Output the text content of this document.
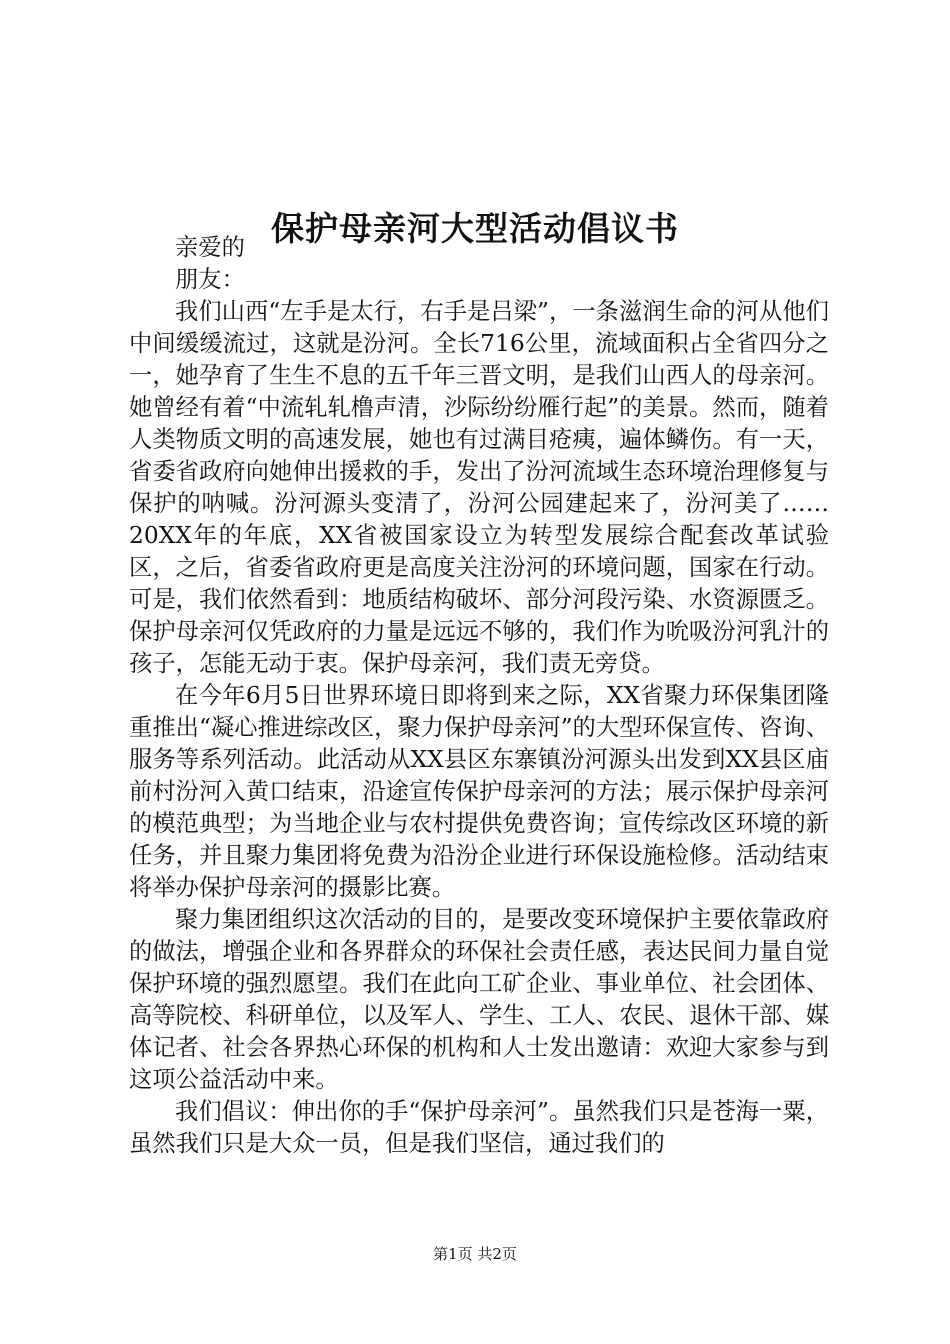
保护母亲河大型活动倡议书

亲爱的

朋友：

我们山西“左手是太行，右手是吕梁”，一条滋润生命的河从他们中间缓缓流过，这就是汾河。全长716公里，流域面积占全省四分之一，她孕育了生生不息的五千年三晋文明，是我们山西人的母亲河。她曾经有着“中流轧轧橹声清，沙际纷纷雁行起”的美景。然而，随着人类物质文明的高速发展，她也有过满目疮痍，遍体鳞伤。有一天，省委省政府向她伸出援救的手，发出了汾河流域生态环境治理修复与保护的呐喊。汾河源头变清了，汾河公园建起来了，汾河美了……20XX年的年底，XX省被国家设立为转型发展综合配套改革试验区，之后，省委省政府更是高度关注汾河的环境问题，国家在行动。可是，我们依然看到：地质结构破坏、部分河段污染、水资源匮乏。保护母亲河仅凭政府的力量是远远不够的，我们作为吮吸汾河乳汁的孩子，怎能无动于衷。保护母亲河，我们责无旁贷。

在今年6月5日世界环境日即将到来之际，XX省聚力环保集团隆重推出“凝心推进综改区，聚力保护母亲河”的大型环保宣传、咨询、服务等系列活动。此活动从XX县区东寨镇汾河源头出发到XX县区庙前村汾河入黄口结束，沿途宣传保护母亲河的方法；展示保护母亲河的模范典型；为当地企业与农村提供免费咨询；宣传综改区环境的新任务，并且聚力集团将免费为沿汾企业进行环保设施检修。活动结束将举办保护母亲河的摄影比赛。

聚力集团组织这次活动的目的，是要改变环境保护主要依靠政府的做法，增强企业和各界群众的环保社会责任感，表达民间力量自觉保护环境的强烈愿望。我们在此向工矿企业、事业单位、社会团体、高等院校、科研单位，以及军人、学生、工人、农民、退休干部、媒体记者、社会各界热心环保的机构和人士发出邀请：欢迎大家参与到这项公益活动中来。

我们倡议：伸出你的手“保护母亲河”。虽然我们只是苍海一粟，虽然我们只是大众一员，但是我们坚信，通过我们的

第1页 共2页
